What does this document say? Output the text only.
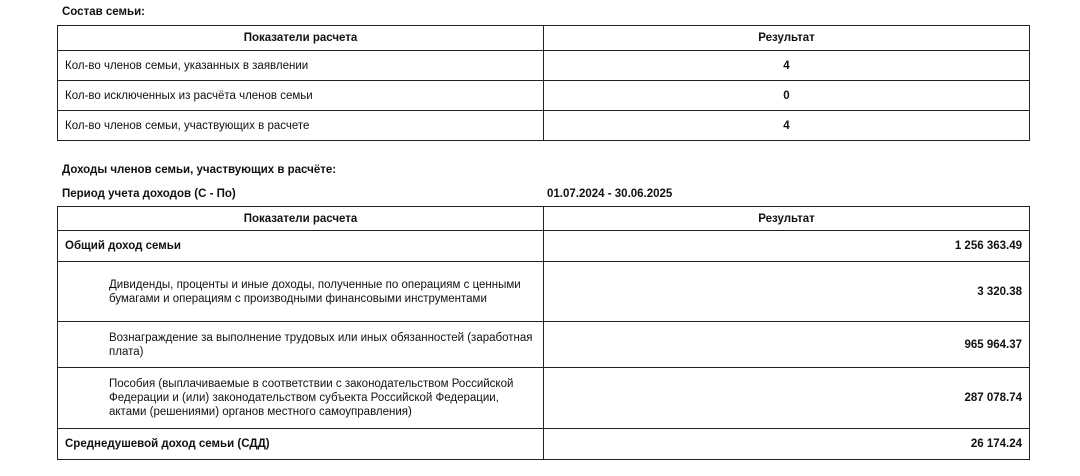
Состав семьи:
Показатели расчета	Результат
Кол-во членов семьи, указанных в заявлении	4
Кол-во исключенных из расчёта членов семьи	0
Кол-во членов семьи, участвующих в расчете	4
Доходы членов семьи, участвующих в расчёте:
Период учета доходов (С - По)	01.07.2024 - 30.06.2025
Показатели расчета	Результат
Общий доход семьи	1 256 363.49
Дивиденды, проценты и иные доходы, полученные по операциям с ценными бумагами и операциям с производными финансовыми инструментами	3 320.38
Вознаграждение за выполнение трудовых или иных обязанностей (заработная плата)	965 964.37
Пособия (выплачиваемые в соответствии с законодательством Российской Федерации и (или) законодательством субъекта Российской Федерации, актами (решениями) органов местного самоуправления)	287 078.74
Среднедушевой доход семьи (СДД)	26 174.24
